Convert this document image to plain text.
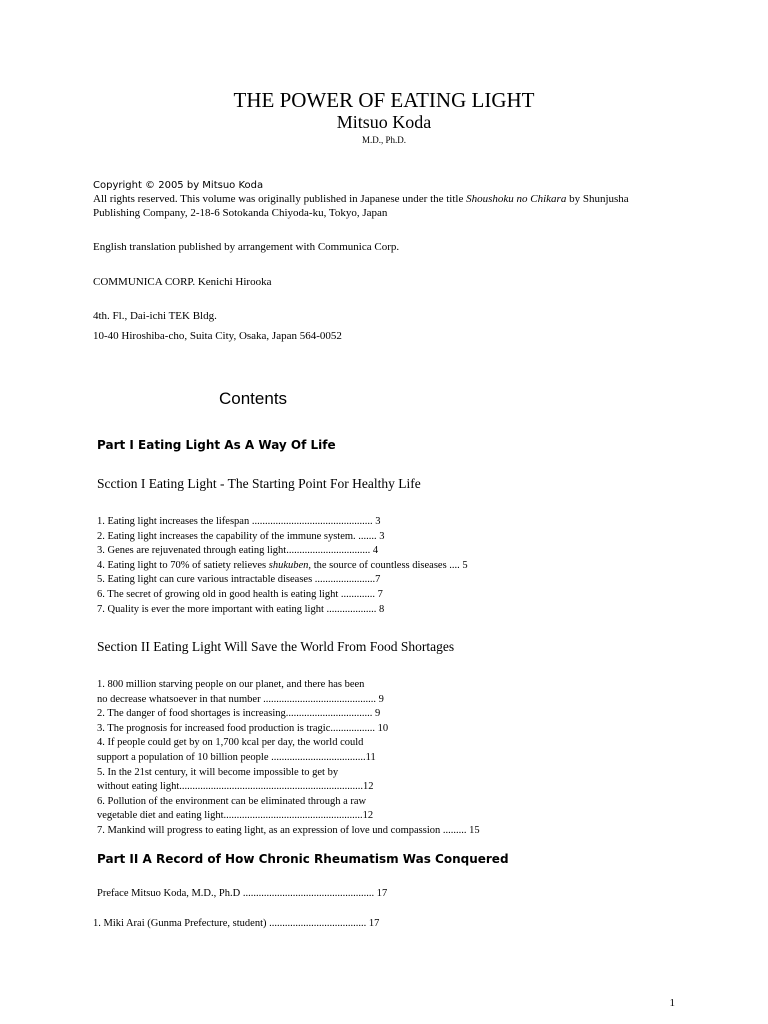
THE POWER OF EATING LIGHT
Mitsuo Koda
M.D., Ph.D.
Copyright © 2005 by Mitsuo Koda
All rights reserved. This volume was originally published in Japanese under the title Shoushoku no Chikara by Shunjusha
Publishing Company, 2-18-6 Sotokanda Chiyoda-ku, Tokyo, Japan
English translation published by arrangement with Communica Corp.
COMMUNICA CORP. Kenichi Hirooka
4th. Fl., Dai-ichi TEK Bldg.
10-40 Hiroshiba-cho, Suita City, Osaka, Japan 564-0052
Contents
Part I Eating Light As A Way Of Life
Scction I Eating Light - The Starting Point For Healthy Life
1. Eating light increases the lifespan .............................................. 3
2. Eating light increases the capability of the immune system. ....... 3
3. Genes are rejuvenated through eating light................................ 4
4. Eating light to 70% of satiety relieves shukuben, the source of countless diseases .... 5
5. Eating light can cure various intractable diseases .......................7
6. The secret of growing old in good health is eating light ............. 7
7. Quality is ever the more important with eating light ................... 8
Section II Eating Light Will Save the World From Food Shortages
1. 800 million starving people on our planet, and there has been
no decrease whatsoever in that number ........................................... 9
2. The danger of food shortages is increasing................................. 9
3. The prognosis for increased food production is tragic................. 10
4. If people could get by on 1,700 kcal per day, the world could
support a population of 10 billion people ....................................11
5. In the 21st century, it will become impossible to get by
without eating light......................................................................12
6. Pollution of the environment can be eliminated through a raw
vegetable diet and eating light.....................................................12
7. Mankind will progress to eating light, as an expression of love und compassion ......... 15
Part II A Record of How Chronic Rheumatism Was Conquered
Preface Mitsuo Koda, M.D., Ph.D .................................................. 17
1. Miki Arai (Gunma Prefecture, student) ..................................... 17
1
